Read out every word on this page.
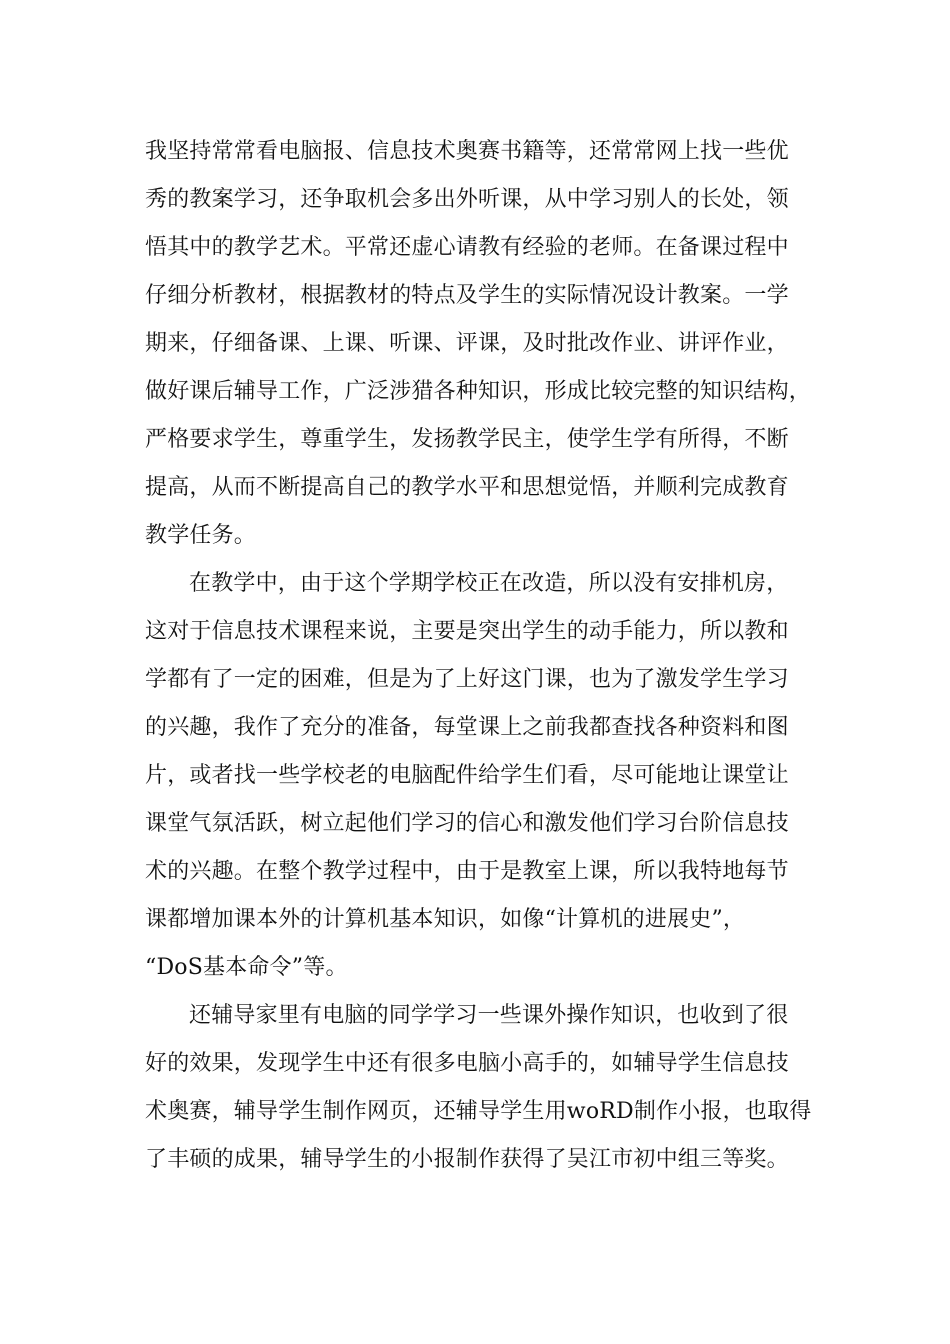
我坚持常常看电脑报、信息技术奥赛书籍等，还常常网上找一些优
秀的教案学习，还争取机会多出外听课，从中学习别人的长处，领
悟其中的教学艺术。平常还虚心请教有经验的老师。在备课过程中
仔细分析教材，根据教材的特点及学生的实际情况设计教案。一学
期来，仔细备课、上课、听课、评课，及时批改作业、讲评作业，
做好课后辅导工作，广泛涉猎各种知识，形成比较完整的知识结构，
严格要求学生，尊重学生，发扬教学民主，使学生学有所得，不断
提高，从而不断提高自己的教学水平和思想觉悟，并顺利完成教育
教学任务。
在教学中，由于这个学期学校正在改造，所以没有安排机房，
这对于信息技术课程来说，主要是突出学生的动手能力，所以教和
学都有了一定的困难，但是为了上好这门课，也为了激发学生学习
的兴趣，我作了充分的准备，每堂课上之前我都查找各种资料和图
片，或者找一些学校老的电脑配件给学生们看，尽可能地让课堂让
课堂气氛活跃，树立起他们学习的信心和激发他们学习台阶信息技
术的兴趣。在整个教学过程中，由于是教室上课，所以我特地每节
课都增加课本外的计算机基本知识，如像“计算机的进展史”，
“DoS基本命令”等。
还辅导家里有电脑的同学学习一些课外操作知识，也收到了很
好的效果，发现学生中还有很多电脑小高手的，如辅导学生信息技
术奥赛，辅导学生制作网页，还辅导学生用woRD制作小报，也取得
了丰硕的成果，辅导学生的小报制作获得了吴江市初中组三等奖。
